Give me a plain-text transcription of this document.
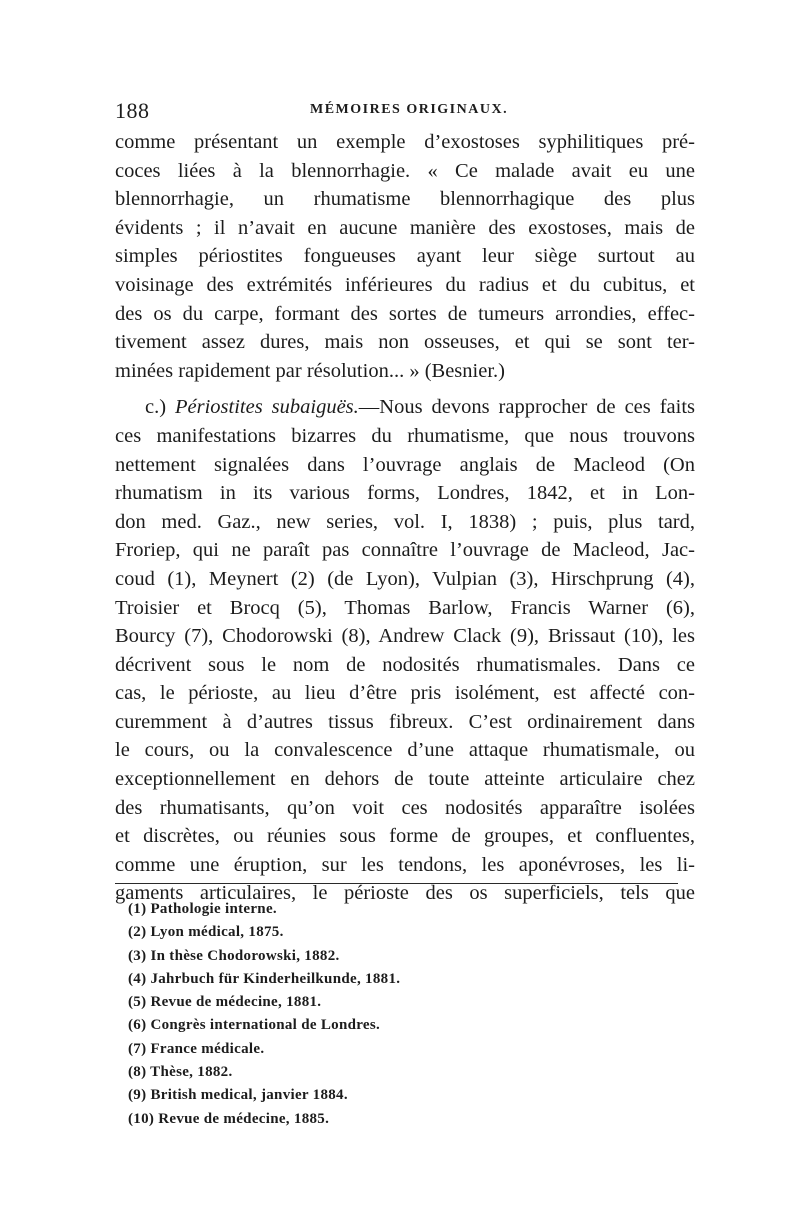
188	MÉMOIRES ORIGINAUX.
comme présentant un exemple d’exostoses syphilitiques pré-
coces liées à la blennorrhagie. « Ce malade avait eu une
blennorrhagie, un rhumatisme blennorrhagique des plus
évidents ; il n’avait en aucune manière des exostoses, mais de
simples périostites fongueuses ayant leur siège surtout au
voisinage des extrémités inférieures du radius et du cubitus, et
des os du carpe, formant des sortes de tumeurs arrondies, effec-
tivement assez dures, mais non osseuses, et qui se sont ter-
minées rapidement par résolution... » (Besnier.)
c.) Périostites subaiguës.—Nous devons rapprocher de ces faits
ces manifestations bizarres du rhumatisme, que nous trouvons
nettement signalées dans l’ouvrage anglais de Macleod (On
rhumatism in its various forms, Londres, 1842, et in Lon-
don med. Gaz., new series, vol. I, 1838) ; puis, plus tard,
Froriep, qui ne paraît pas connaître l’ouvrage de Macleod, Jac-
coud (1), Meynert (2) (de Lyon), Vulpian (3), Hirschprung (4),
Troisier et Brocq (5), Thomas Barlow, Francis Warner (6),
Bourcy (7), Chodorowski (8), Andrew Clack (9), Brissaut (10), les
décrivent sous le nom de nodosités rhumatismales. Dans ce
cas, le périoste, au lieu d’être pris isolément, est affecté con-
curemment à d’autres tissus fibreux. C’est ordinairement dans
le cours, ou la convalescence d’une attaque rhumatismale, ou
exceptionnellement en dehors de toute atteinte articulaire chez
des rhumatisants, qu’on voit ces nodosités apparaître isolées
et discrètes, ou réunies sous forme de groupes, et confluentes,
comme une éruption, sur les tendons, les aponévroses, les li-
gaments articulaires, le périoste des os superficiels, tels que
(1) Pathologie interne.
(2) Lyon médical, 1875.
(3) In thèse Chodorowski, 1882.
(4) Jahrbuch für Kinderheilkunde, 1881.
(5) Revue de médecine, 1881.
(6) Congrès international de Londres.
(7) France médicale.
(8) Thèse, 1882.
(9) British medical, janvier 1884.
(10) Revue de médecine, 1885.
